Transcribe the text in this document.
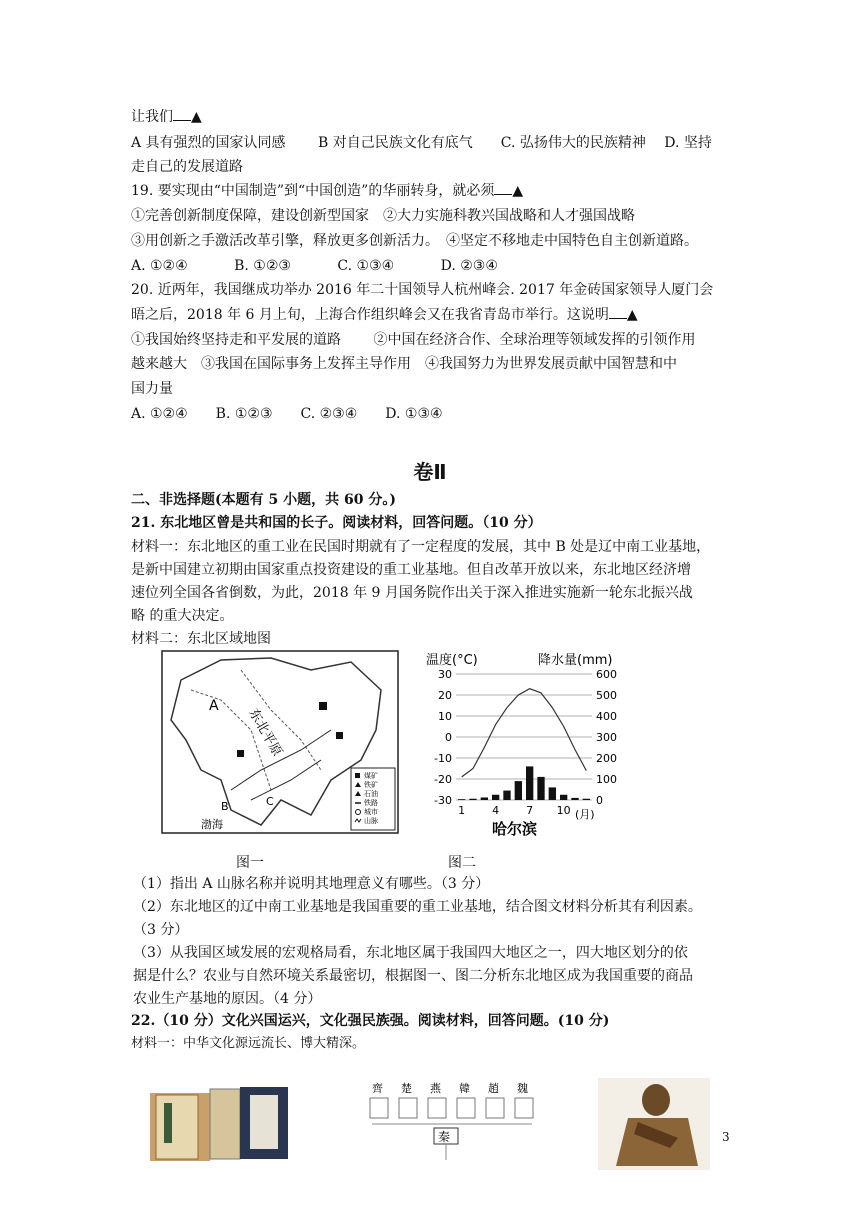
让我们 ▲
A 具有强烈的国家认同感　　 B 对自己民族文化有底气　　C. 弘扬伟大的民族精神　 D. 坚持
走自己的发展道路
19. 要实现由“中国制造”到“中国创造”的华丽转身，就必须 ▲
①完善创新制度保障，建设创新型国家　②大力实施科教兴国战略和人才强国战略
③用创新之手激活改革引擎，释放更多创新活力。　④坚定不移地走中国特色自主创新道路。
A. ①②④　　　 B. ①②③　　　 C. ①③④　　　 D. ②③④
20. 近两年，我国继成功举办 2016 年二十国领导人杭州峰会. 2017 年金砖国家领导人厦门会
晤之后，2018 年 6 月上旬，上海合作组织峰会又在我省青岛市举行。这说明 ▲
①我国始终坚持走和平发展的道路　　 ②中国在经济合作、全球治理等领域发挥的引领作用
越来越大　③我国在国际事务上发挥主导作用　④我国努力为世界发展贡献中国智慧和中
国力量
A. ①②④　　B. ①②③　　C. ②③④　　D. ①③④
卷Ⅱ
二、非选择题(本题有 5 小题，共 60 分。)
21. 东北地区曾是共和国的长子。阅读材料，回答问题。（10 分）
材料一：东北地区的重工业在民国时期就有了一定程度的发展，其中 B 处是辽中南工业基地，
是新中国建立初期由国家重点投资建设的重工业基地。但自改革开放以来，东北地区经济增
速位列全国各省倒数，为此，2018 年 9 月国务院作出关于深入推进实施新一轮东北振兴战
略 的重大决定。
材料二：东北区域地图
A
B	C
渤海
东北平原
煤矿
铁矿
石油
铁路
城市
山脉
温度(°C)	降水量(mm)
30	600
20	500
10	400
0	300
-10	200
-20	100
-30	0
1 4 7 10
哈尔滨
(月)
图一	图二
（1）指出 A 山脉名称并说明其地理意义有哪些。（3 分）
（2）东北地区的辽中南工业基地是我国重要的重工业基地，结合图文材料分析其有利因素。
（3 分）
（3）从我国区域发展的宏观格局看，东北地区属于我国四大地区之一，四大地区划分的依
据是什么？农业与自然环境关系最密切，根据图一、图二分析东北地区成为我国重要的商品
农业生产基地的原因。（4 分）
22.（10 分）文化兴国运兴，文化强民族强。阅读材料，回答问题。(10 分)
材料一：中华文化源远流长、博大精深。
齊 楚 燕 韓 趙 魏
秦	3
